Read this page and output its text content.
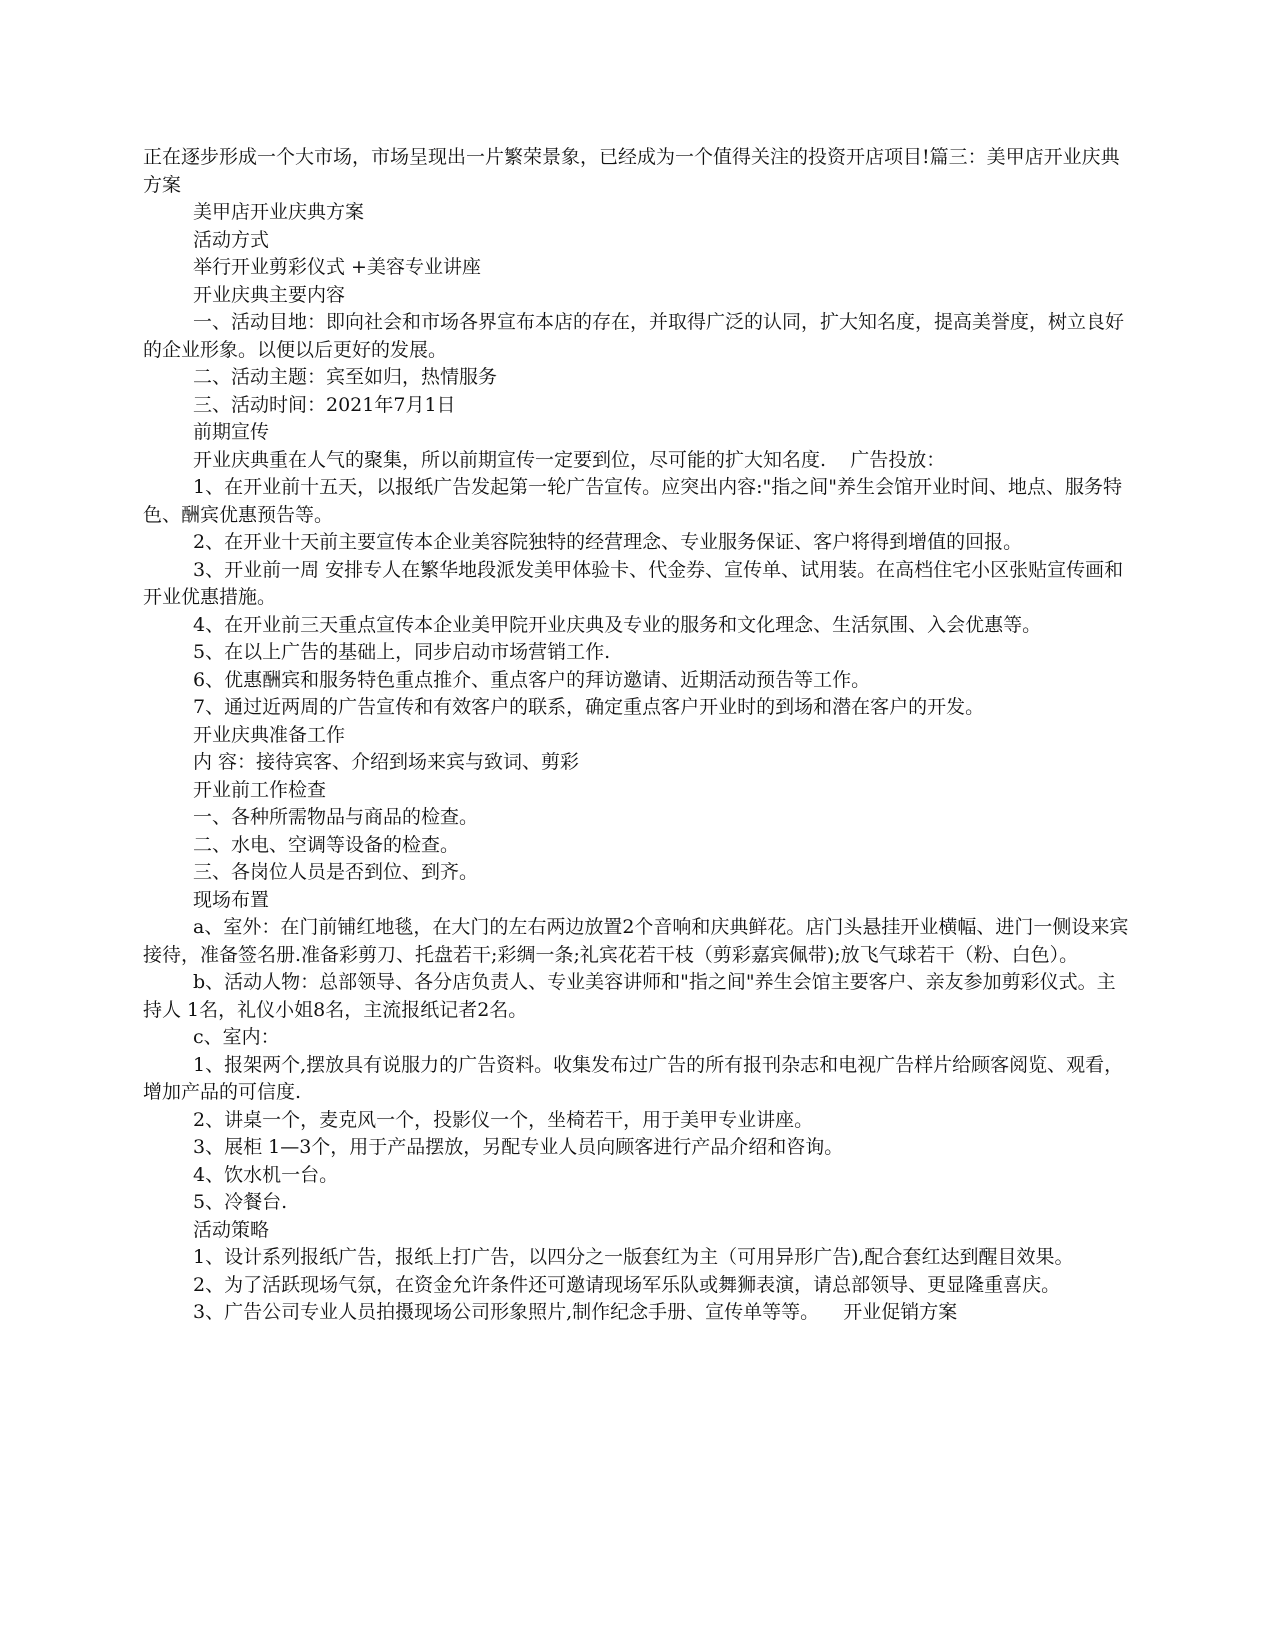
正在逐步形成一个大市场，市场呈现出一片繁荣景象，已经成为一个值得关注的投资开店项目!篇三：美甲店开业庆典方案

美甲店开业庆典方案

活动方式

举行开业剪彩仪式 +美容专业讲座

开业庆典主要内容

一、活动目地：即向社会和市场各界宣布本店的存在，并取得广泛的认同，扩大知名度，提高美誉度，树立良好的企业形象。以便以后更好的发展。

二、活动主题：宾至如归，热情服务

三、活动时间：2021年7月1日

前期宣传

开业庆典重在人气的聚集，所以前期宣传一定要到位，尽可能的扩大知名度.    广告投放：

1、在开业前十五天，以报纸广告发起第一轮广告宣传。应突出内容:"指之间"养生会馆开业时间、地点、服务特色、酬宾优惠预告等。

2、在开业十天前主要宣传本企业美容院独特的经营理念、专业服务保证、客户将得到增值的回报。

3、开业前一周 安排专人在繁华地段派发美甲体验卡、代金券、宣传单、试用装。在高档住宅小区张贴宣传画和开业优惠措施。

4、在开业前三天重点宣传本企业美甲院开业庆典及专业的服务和文化理念、生活氛围、入会优惠等。

5、在以上广告的基础上，同步启动市场营销工作.

6、优惠酬宾和服务特色重点推介、重点客户的拜访邀请、近期活动预告等工作。

7、通过近两周的广告宣传和有效客户的联系，确定重点客户开业时的到场和潜在客户的开发。

开业庆典准备工作

内 容：接待宾客、介绍到场来宾与致词、剪彩

开业前工作检查

一、各种所需物品与商品的检查。

二、水电、空调等设备的检查。

三、各岗位人员是否到位、到齐。

现场布置

a、室外：在门前铺红地毯，在大门的左右两边放置2个音响和庆典鲜花。店门头悬挂开业横幅、进门一侧设来宾接待，准备签名册.准备彩剪刀、托盘若干;彩绸一条;礼宾花若干枝（剪彩嘉宾佩带);放飞气球若干（粉、白色）。

b、活动人物：总部领导、各分店负责人、专业美容讲师和"指之间"养生会馆主要客户、亲友参加剪彩仪式。主持人 1名，礼仪小姐8名，主流报纸记者2名。

c、室内：

1、报架两个,摆放具有说服力的广告资料。收集发布过广告的所有报刊杂志和电视广告样片给顾客阅览、观看，增加产品的可信度.

2、讲桌一个，麦克风一个，投影仪一个，坐椅若干，用于美甲专业讲座。

3、展柜 1—3个，用于产品摆放，另配专业人员向顾客进行产品介绍和咨询。

4、饮水机一台。

5、冷餐台.

活动策略

1、设计系列报纸广告，报纸上打广告，以四分之一版套红为主（可用异形广告),配合套红达到醒目效果。

2、为了活跃现场气氛，在资金允许条件还可邀请现场军乐队或舞狮表演，请总部领导、更显隆重喜庆。

3、广告公司专业人员拍摄现场公司形象照片,制作纪念手册、宣传单等等。    开业促销方案
